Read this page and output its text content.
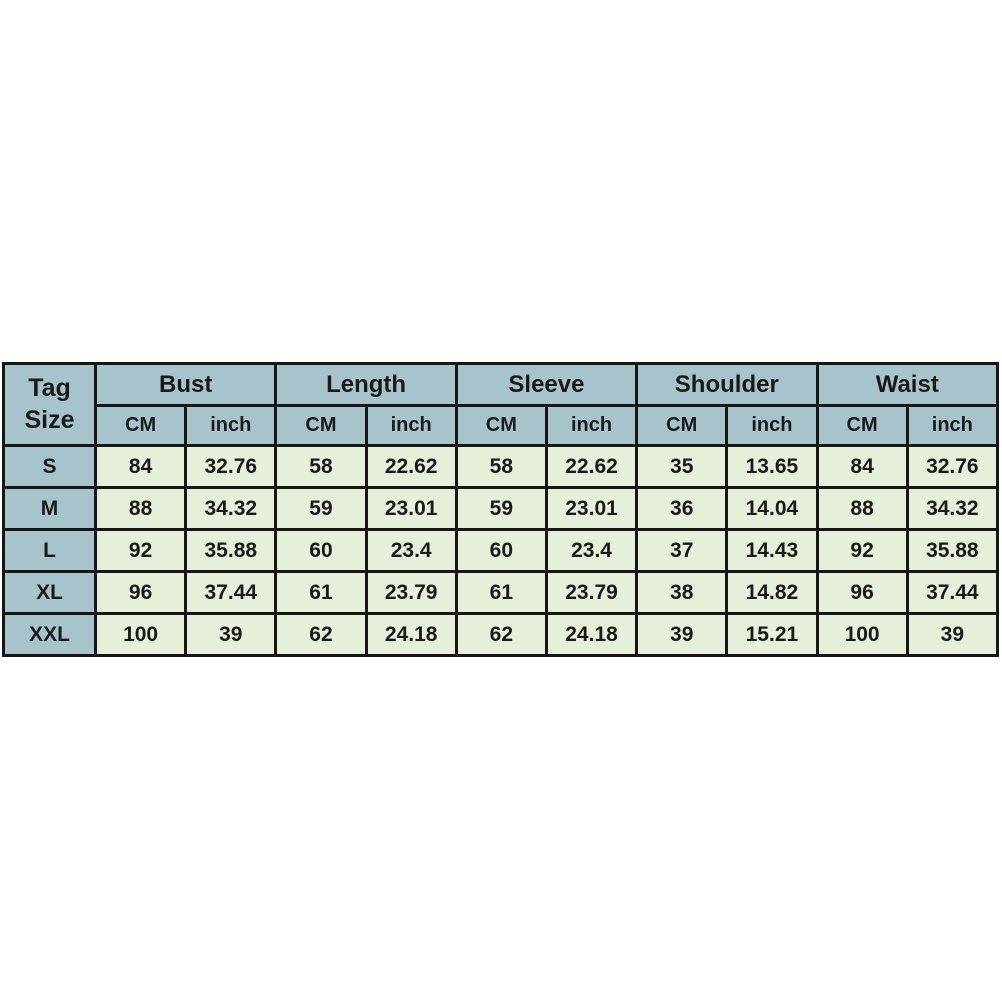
Tag
Size	Bust		Length		Sleeve		Shoulder		Waist	
	CM	inch	CM	inch	CM	inch	CM	inch	CM	inch
S	84	32.76	58	22.62	58	22.62	35	13.65	84	32.76
M	88	34.32	59	23.01	59	23.01	36	14.04	88	34.32
L	92	35.88	60	23.4	60	23.4	37	14.43	92	35.88
XL	96	37.44	61	23.79	61	23.79	38	14.82	96	37.44
XXL	100	39	62	24.18	62	24.18	39	15.21	100	39
